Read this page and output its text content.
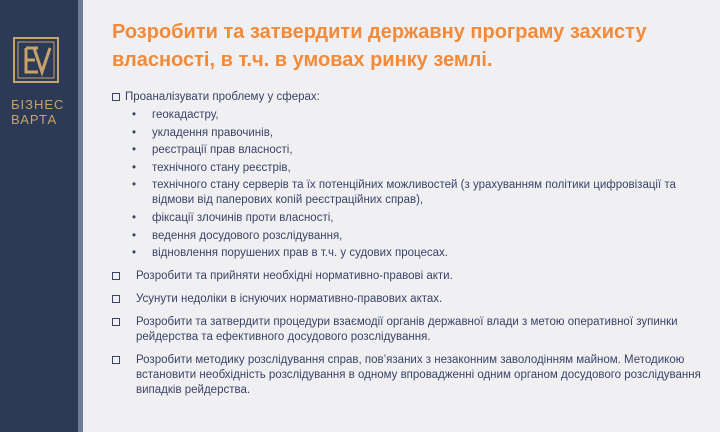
БІЗНЕС
ВАРТА
Розробити та затвердити державну програму захисту
власності, в т.ч. в умовах ринку землі.

Проаналізувати проблему у сферах:

• геокадастру,
• укладення правочинів,
• реєстрації прав власності,
• технічного стану реєстрів,
• технічного стану серверів та їх потенційних можливостей (з урахуванням політики цифровізації та відмови від паперових копій реєстраційних справ),
• фіксації злочинів проти власності,
• ведення досудового розслідування,
• відновлення порушених прав в т.ч. у судових процесах.
Розробити та прийняти необхідні нормативно-правові акти.
Усунути недоліки в існуючих нормативно-правових актах.
Розробити та затвердити процедури взаємодії органів державної влади з метою оперативної зупинки рейдерства та ефективного досудового розслідування.
Розробити методику розслідування справ, пов’язаних з незаконним заволодінням майном. Методикою встановити необхідність розслідування в одному впровадженні одним органом досудового розслідування випадків рейдерства.
